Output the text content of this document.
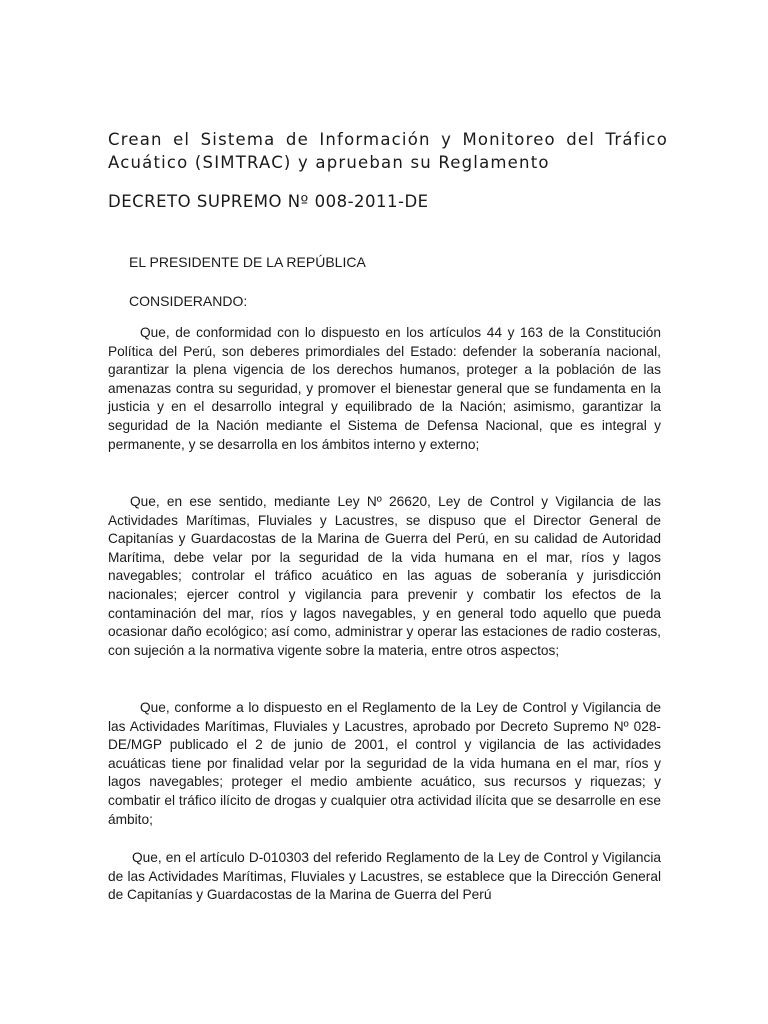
Crean el Sistema de Información y Monitoreo del Tráfico Acuático (SIMTRAC) y aprueban su Reglamento
DECRETO SUPREMO Nº 008-2011-DE

EL PRESIDENTE DE LA REPÚBLICA

CONSIDERANDO:

Que, de conformidad con lo dispuesto en los artículos 44 y 163 de la Constitución Política del Perú, son deberes primordiales del Estado: defender la soberanía nacional, garantizar la plena vigencia de los derechos humanos, proteger a la población de las amenazas contra su seguridad, y promover el bienestar general que se fundamenta en la justicia y en el desarrollo integral y equilibrado de la Nación; asimismo, garantizar la seguridad de la Nación mediante el Sistema de Defensa Nacional, que es integral y permanente, y se desarrolla en los ámbitos interno y externo;

Que, en ese sentido, mediante Ley Nº 26620, Ley de Control y Vigilancia de las Actividades Marítimas, Fluviales y Lacustres, se dispuso que el Director General de Capitanías y Guardacostas de la Marina de Guerra del Perú, en su calidad de Autoridad Marítima, debe velar por la seguridad de la vida humana en el mar, ríos y lagos navegables; controlar el tráfico acuático en las aguas de soberanía y jurisdicción nacionales; ejercer control y vigilancia para prevenir y combatir los efectos de la contaminación del mar, ríos y lagos navegables, y en general todo aquello que pueda ocasionar daño ecológico; así como, administrar y operar las estaciones de radio costeras, con sujeción a la normativa vigente sobre la materia, entre otros aspectos;

Que, conforme a lo dispuesto en el Reglamento de la Ley de Control y Vigilancia de las Actividades Marítimas, Fluviales y Lacustres, aprobado por Decreto Supremo Nº 028-DE/MGP publicado el 2 de junio de 2001, el control y vigilancia de las actividades acuáticas tiene por finalidad velar por la seguridad de la vida humana en el mar, ríos y lagos navegables; proteger el medio ambiente acuático, sus recursos y riquezas; y combatir el tráfico ilícito de drogas y cualquier otra actividad ilícita que se desarrolle en ese ámbito;

Que, en el artículo D-010303 del referido Reglamento de la Ley de Control y Vigilancia de las Actividades Marítimas, Fluviales y Lacustres, se establece que la Dirección General de Capitanías y Guardacostas de la Marina de Guerra del Perú
